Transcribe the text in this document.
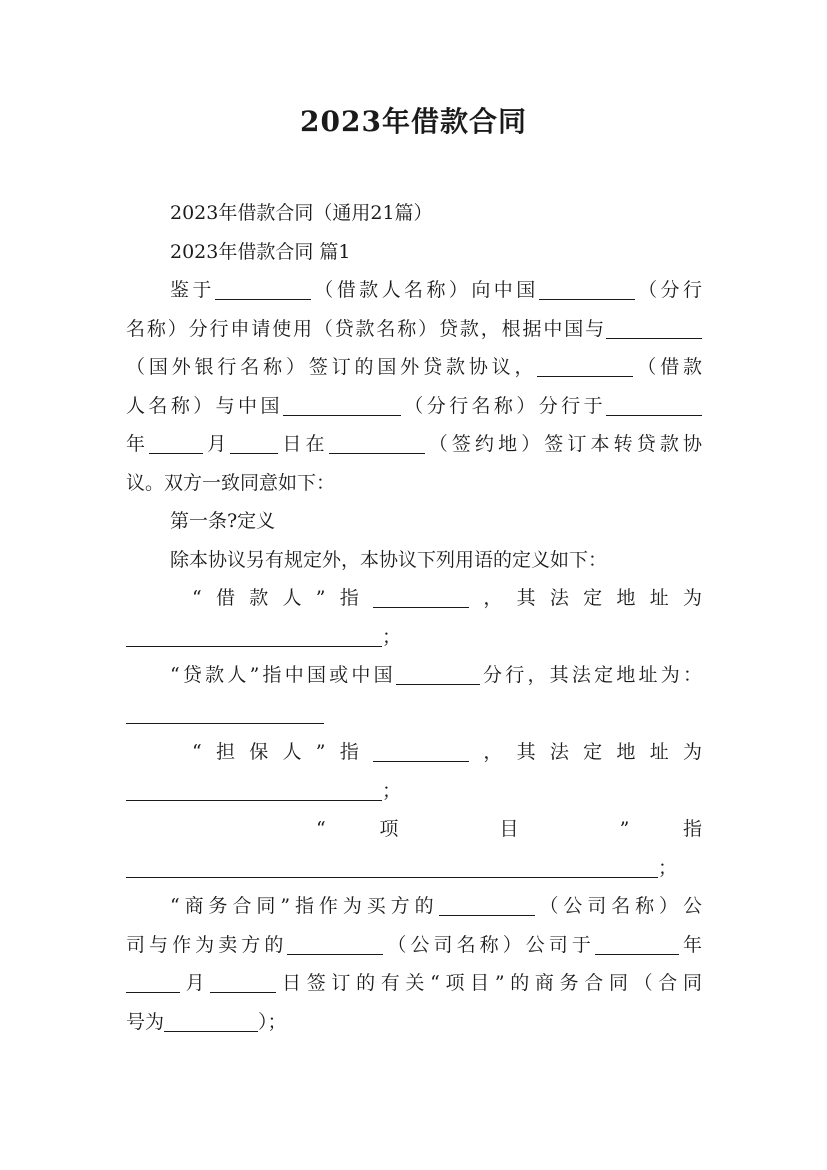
2023年借款合同
2023年借款合同（通用21篇）
2023年借款合同 篇1
鉴于	（借款人名称）向中国	（分行
名称）分行申请使用（贷款名称）贷款，根据中国与
（国外银行名称）签订的国外贷款协议，	（借款
人名称）与中国	（分行名称）分行于
年	月	日在	（签约地）签订本转贷款协
议。双方一致同意如下：
第一条?定义
除本协议另有规定外，本协议下列用语的定义如下：
“借款人”指	，其法定地址为
；
“贷款人”指中国或中国	分行，其法定地址为：
“担保人”指	，其法定地址为
；
“	项	目	”	指
；
“商务合同”指作为买方的	（公司名称）公
司与作为卖方的	（公司名称）公司于	年
月	日签订的有关“项目”的商务合同（合同
号为	）；
